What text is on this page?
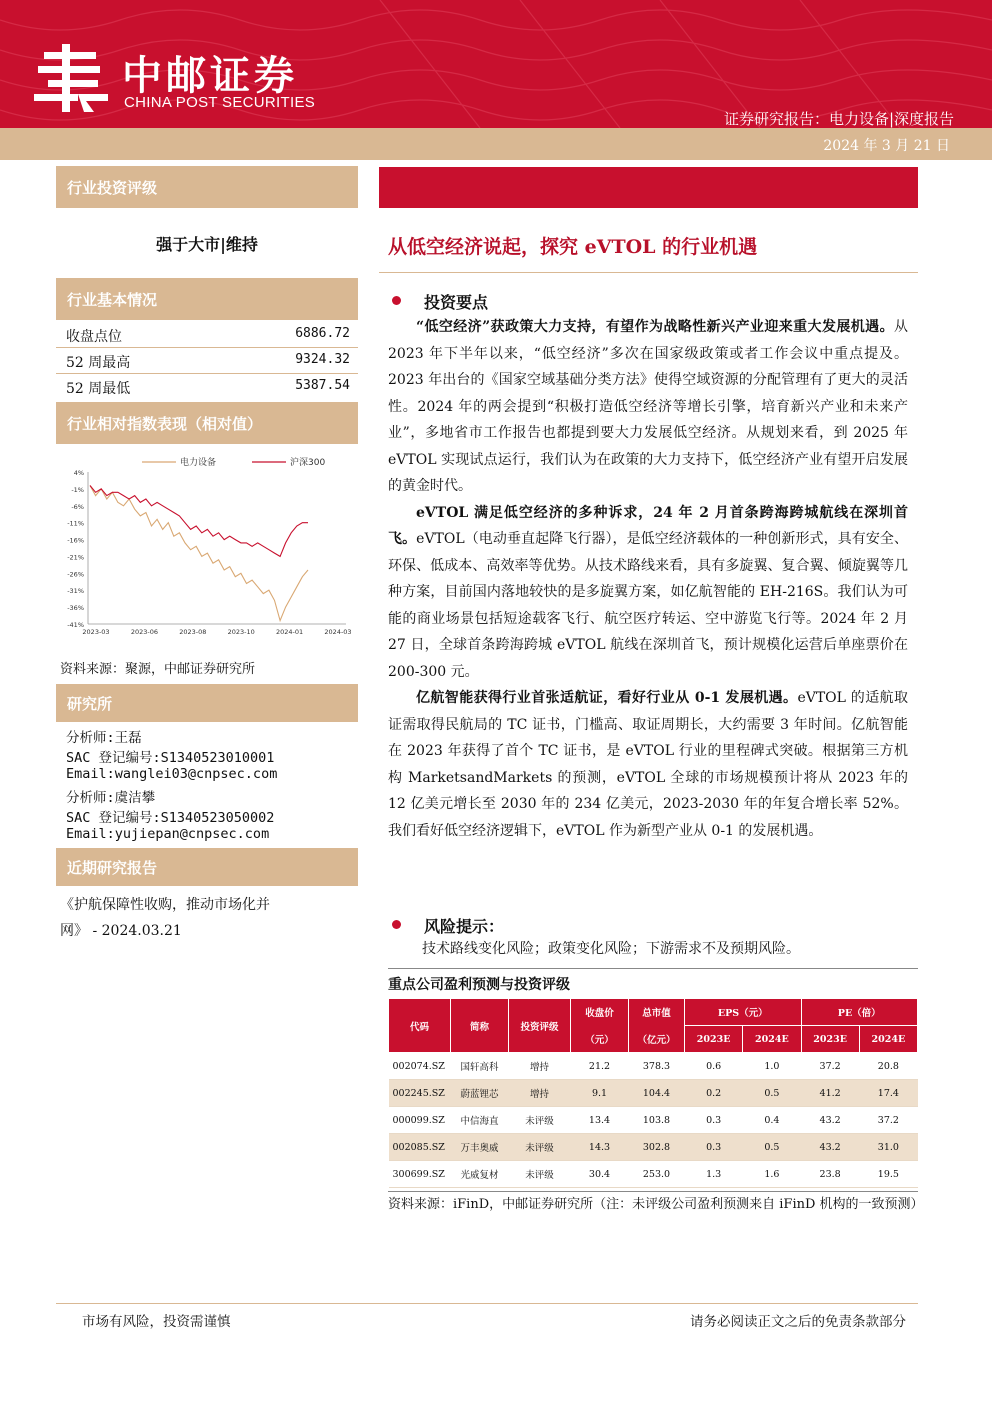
中邮证券
CHINA POST SECURITIES
证券研究报告：电力设备|深度报告
2024 年 3 月 21 日
行业投资评级
强于大市|维持
行业基本情况
收盘点位	6886.72
52 周最高	9324.32
52 周最低	5387.54
行业相对指数表现（相对值）
4%
-1%
-6%
-11%
-16%
-21%
-26%
-31%
-36%
-41%
2023-03	2023-06	2023-08	2023-10	2024-01	2024-03
电力设备	沪深300
资料来源：聚源，中邮证券研究所
研究所
分析师:王磊
SAC 登记编号:S1340523010001
Email:wanglei03@cnpsec.com
分析师:虞洁攀
SAC 登记编号:S1340523050002
Email:yujiepan@cnpsec.com
近期研究报告
《护航保障性收购，推动市场化并
网》 - 2024.03.21
从低空经济说起，探究 eVTOL 的行业机遇
投资要点

“低空经济”获政策大力支持，有望作为战略性新兴产业迎来重大发展机遇。从 2023 年下半年以来，“低空经济”多次在国家级政策或者工作会议中重点提及。2023 年出台的《国家空域基础分类方法》使得空域资源的分配管理有了更大的灵活性。2024 年的两会提到“积极打造低空经济等增长引擎，培育新兴产业和未来产业”，多地省市工作报告也都提到要大力发展低空经济。从规划来看，到 2025 年 eVTOL 实现试点运行，我们认为在政策的大力支持下，低空经济产业有望开启发展的黄金时代。

eVTOL 满足低空经济的多种诉求，24 年 2 月首条跨海跨城航线在深圳首飞。eVTOL（电动垂直起降飞行器），是低空经济载体的一种创新形式，具有安全、环保、低成本、高效率等优势。从技术路线来看，具有多旋翼、复合翼、倾旋翼等几种方案，目前国内落地较快的是多旋翼方案，如亿航智能的 EH-216S。我们认为可能的商业场景包括短途载客飞行、航空医疗转运、空中游览飞行等。2024 年 2 月 27 日，全球首条跨海跨城 eVTOL 航线在深圳首飞，预计规模化运营后单座票价在 200-300 元。

亿航智能获得行业首张适航证，看好行业从 0-1 发展机遇。eVTOL 的适航取证需取得民航局的 TC 证书，门槛高、取证周期长，大约需要 3 年时间。亿航智能在 2023 年获得了首个 TC 证书，是 eVTOL 行业的里程碑式突破。根据第三方机构 MarketsandMarkets 的预测，eVTOL 全球的市场规模预计将从 2023 年的 12 亿美元增长至 2030 年的 234 亿美元，2023-2030 年的年复合增长率 52%。我们看好低空经济逻辑下，eVTOL 作为新型产业从 0-1 的发展机遇。

风险提示：
技术路线变化风险；政策变化风险；下游需求不及预期风险。
重点公司盈利预测与投资评级
代码	简称	投资评级	收盘价	总市值	EPS（元）		PE（倍）	
			（元）	（亿元）	2023E	2024E	2023E	2024E
002074.SZ	国轩高科	增持	21.2	378.3	0.6	1.0	37.2	20.8
002245.SZ	蔚蓝锂芯	增持	9.1	104.4	0.2	0.5	41.2	17.4
000099.SZ	中信海直	未评级	13.4	103.8	0.3	0.4	43.2	37.2
002085.SZ	万丰奥威	未评级	14.3	302.8	0.3	0.5	43.2	31.0
300699.SZ	光威复材	未评级	30.4	253.0	1.3	1.6	23.8	19.5
资料来源：iFinD，中邮证券研究所（注：未评级公司盈利预测来自 iFinD 机构的一致预测）
市场有风险，投资需谨慎	请务必阅读正文之后的免责条款部分
